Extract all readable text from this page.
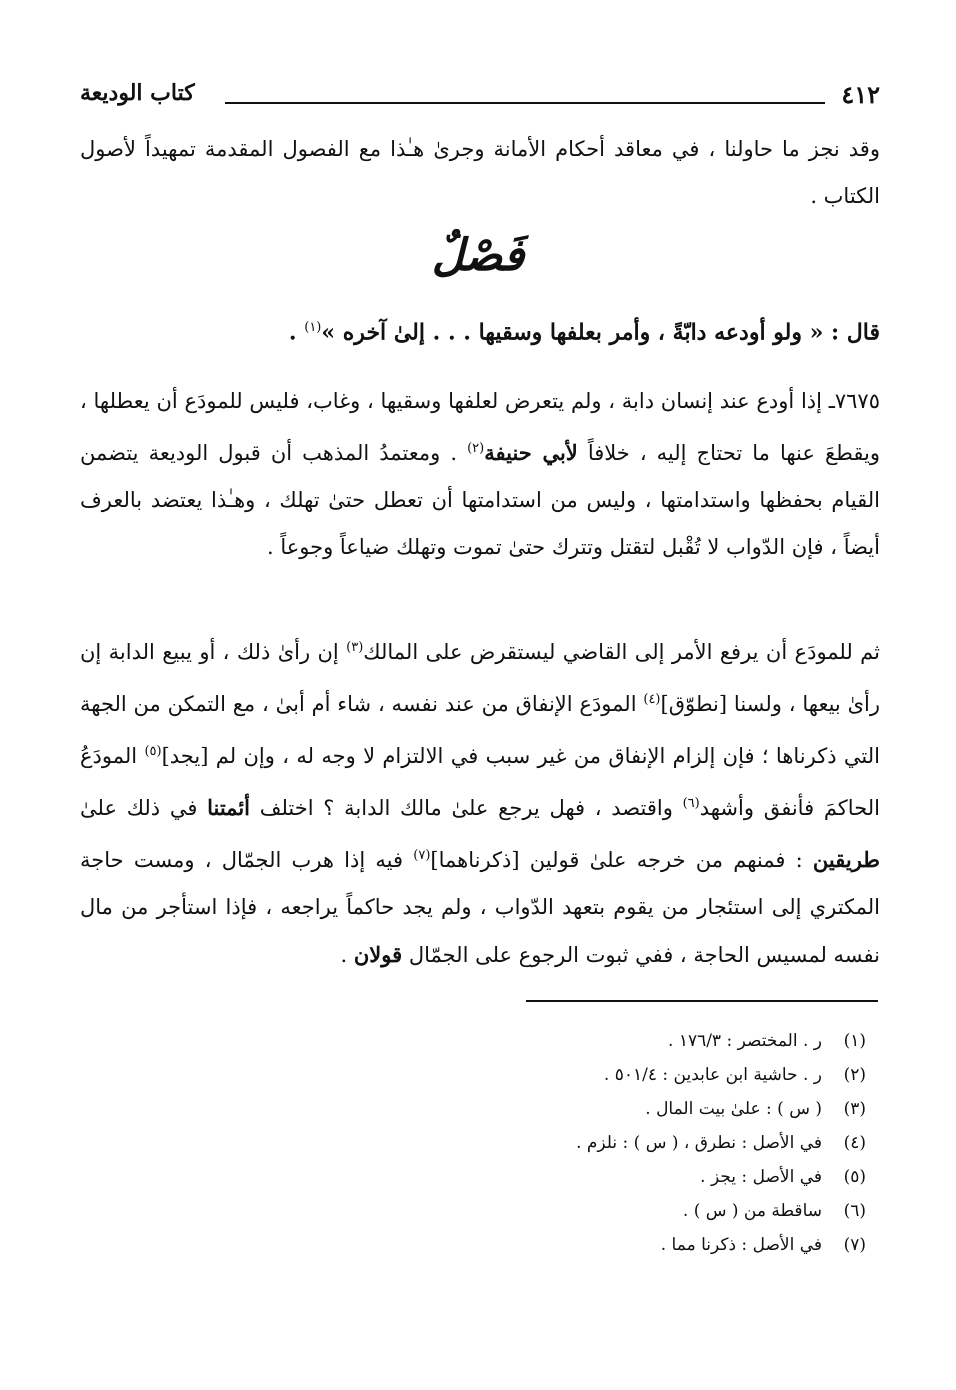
٤١٢
كتاب الوديعة
وقد نجز ما حاولنا ، في معاقد أحكام الأمانة وجرىٰ هـٰذا مع الفصول المقدمة تمهيداً لأصول الكتاب .
فَصْلٌ
قال : « ولو أودعه دابّةً ، وأمر بعلفها وسقيها . . . إلىٰ آخره »$^{(١)}$ .
٧٦٧٥ـ إذا أودع عند إنسان دابة ، ولم يتعرض لعلفها وسقيها ، وغاب، فليس للمودَع أن يعطلها ، ويقطعَ عنها ما تحتاج إليه ، خلافاً لأبي حنيفة$^{(٢)}$ . ومعتمدُ المذهب أن قبول الوديعة يتضمن القيام بحفظها واستدامتها ، وليس من استدامتها أن تعطل حتىٰ تهلك ، وهـٰذا يعتضد بالعرف أيضاً ، فإن الدّواب لا تُقْبل لتقتل وتترك حتىٰ تموت وتهلك ضياعاً وجوعاً .
ثم للمودَع أن يرفع الأمر إلى القاضي ليستقرض على المالك$^{(٣)}$ إن رأىٰ ذلك ، أو يبيع الدابة إن رأىٰ بيعها ، ولسنا [نطوّق]$^{(٤)}$ المودَع الإنفاق من عند نفسه ، شاء أم أبىٰ ، مع التمكن من الجهة التي ذكرناها ؛ فإن إلزام الإنفاق من غير سبب في الالتزام لا وجه له ، وإن لم [يجد]$^{(٥)}$ المودَعُ الحاكمَ فأنفق وأشهد$^{(٦)}$ واقتصد ، فهل يرجع علىٰ مالك الدابة ؟ اختلف أئمتنا في ذلك علىٰ طريقين : فمنهم من خرجه علىٰ قولين [ذكرناهما]$^{(٧)}$ فيه إذا هرب الجمّال ، ومست حاجة المكتري إلى استئجار من يقوم بتعهد الدّواب ، ولم يجد حاكماً يراجعه ، فإذا استأجر من مال نفسه لمسيس الحاجة ، ففي ثبوت الرجوع على الجمّال قولان .
(١)ر . المختصر : ١٧٦/٣ .
(٢)ر . حاشية ابن عابدين : ٥٠١/٤ .
(٣)( س ) : علىٰ بيت المال .
(٤)في الأصل : نطرق ، ( س ) : نلزم .
(٥)في الأصل : يجز .
(٦)ساقطة من ( س ) .
(٧)في الأصل : ذكرنا مما .
